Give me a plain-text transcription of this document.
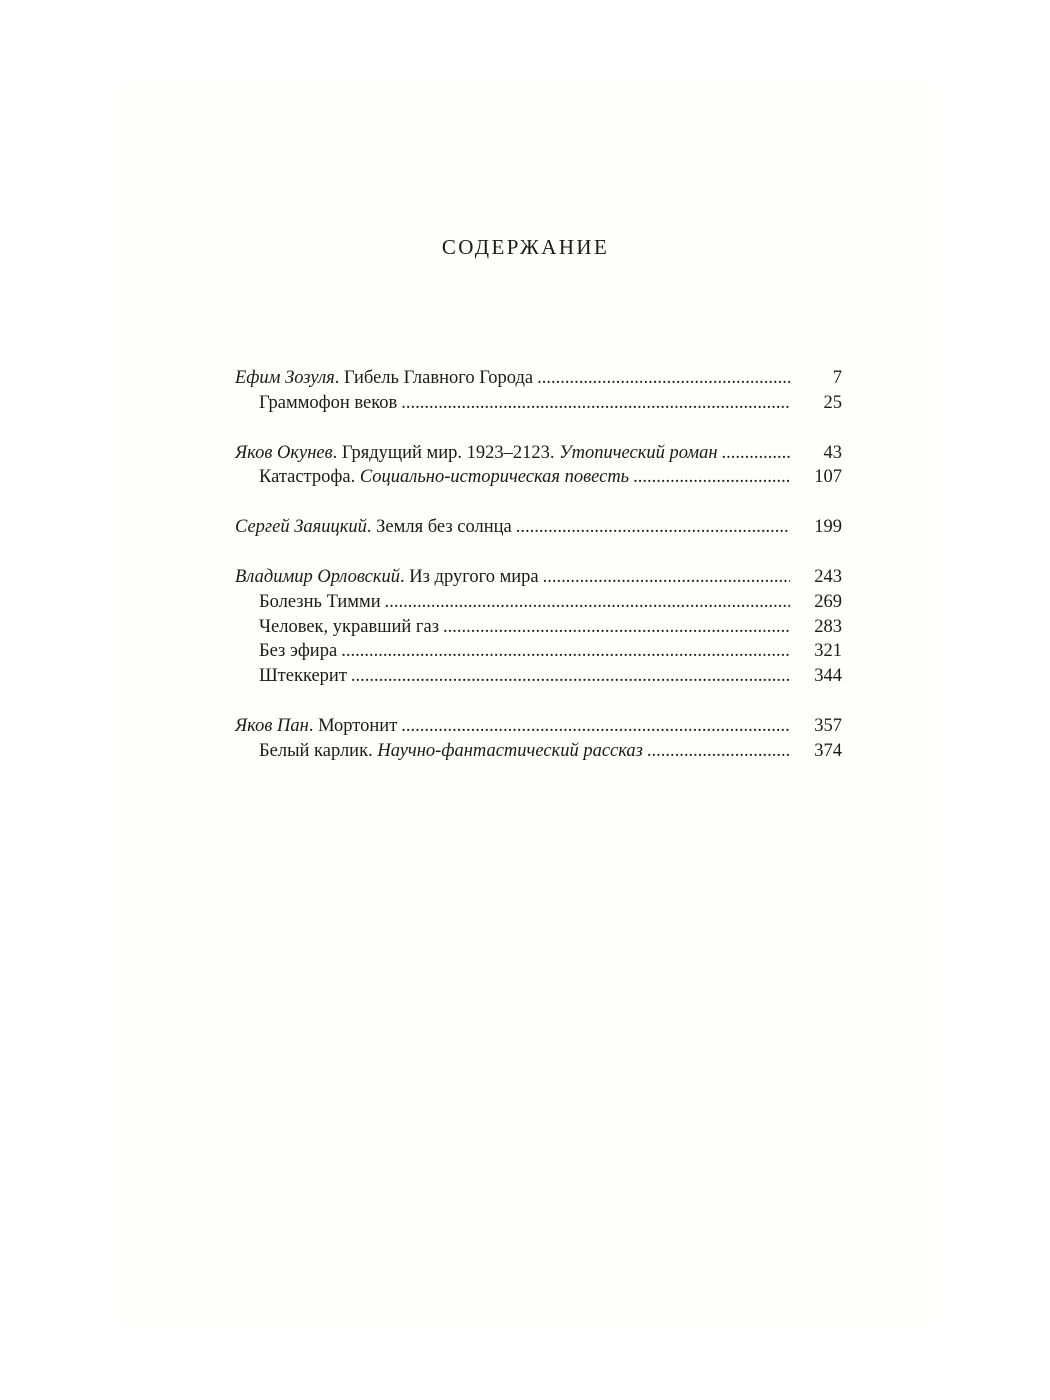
СОДЕРЖАНИЕ
Ефим Зозуля. Гибель Главного Города .....	7
Граммофон веков .....	25
Яков Окунев. Грядущий мир. 1923–2123. Утопический роман .....	43
Катастрофа. Социально-историческая повесть .....	107
Сергей Заяицкий. Земля без солнца .....	199
Владимир Орловский. Из другого мира .....	243
Болезнь Тимми .....	269
Человек, укравший газ .....	283
Без эфира .....	321
Штеккерит .....	344
Яков Пан. Мортонит .....	357
Белый карлик. Научно-фантастический рассказ .....	374
